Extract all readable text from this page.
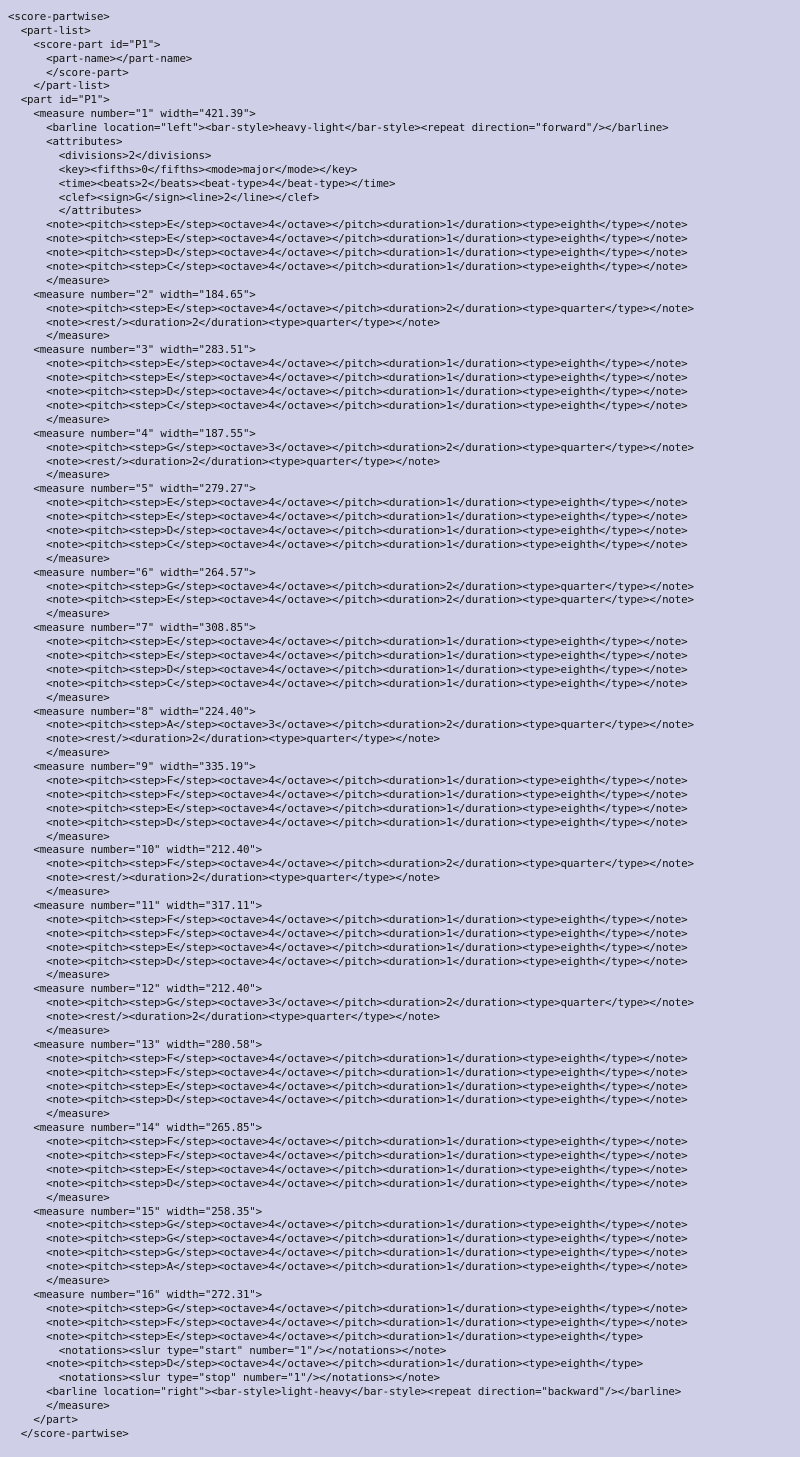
<score-partwise>
<part-list>
<score-part id="P1">
<part-name></part-name>
</score-part>
</part-list>
<part id="P1">
<measure number="1" width="421.39">
<barline location="left"><bar-style>heavy-light</bar-style><repeat direction="forward"/></barline>
<attributes>
<divisions>2</divisions>
<key><fifths>0</fifths><mode>major</mode></key>
<time><beats>2</beats><beat-type>4</beat-type></time>
<clef><sign>G</sign><line>2</line></clef>
</attributes>
<note><pitch><step>E</step><octave>4</octave></pitch><duration>1</duration><type>eighth</type></note>
<note><pitch><step>E</step><octave>4</octave></pitch><duration>1</duration><type>eighth</type></note>
<note><pitch><step>D</step><octave>4</octave></pitch><duration>1</duration><type>eighth</type></note>
<note><pitch><step>C</step><octave>4</octave></pitch><duration>1</duration><type>eighth</type></note>
</measure>
<measure number="2" width="184.65">
<note><pitch><step>E</step><octave>4</octave></pitch><duration>2</duration><type>quarter</type></note>
<note><rest/><duration>2</duration><type>quarter</type></note>
</measure>
<measure number="3" width="283.51">
<note><pitch><step>E</step><octave>4</octave></pitch><duration>1</duration><type>eighth</type></note>
<note><pitch><step>E</step><octave>4</octave></pitch><duration>1</duration><type>eighth</type></note>
<note><pitch><step>D</step><octave>4</octave></pitch><duration>1</duration><type>eighth</type></note>
<note><pitch><step>C</step><octave>4</octave></pitch><duration>1</duration><type>eighth</type></note>
</measure>
<measure number="4" width="187.55">
<note><pitch><step>G</step><octave>3</octave></pitch><duration>2</duration><type>quarter</type></note>
<note><rest/><duration>2</duration><type>quarter</type></note>
</measure>
<measure number="5" width="279.27">
<note><pitch><step>E</step><octave>4</octave></pitch><duration>1</duration><type>eighth</type></note>
<note><pitch><step>E</step><octave>4</octave></pitch><duration>1</duration><type>eighth</type></note>
<note><pitch><step>D</step><octave>4</octave></pitch><duration>1</duration><type>eighth</type></note>
<note><pitch><step>C</step><octave>4</octave></pitch><duration>1</duration><type>eighth</type></note>
</measure>
<measure number="6" width="264.57">
<note><pitch><step>G</step><octave>4</octave></pitch><duration>2</duration><type>quarter</type></note>
<note><pitch><step>E</step><octave>4</octave></pitch><duration>2</duration><type>quarter</type></note>
</measure>
<measure number="7" width="308.85">
<note><pitch><step>E</step><octave>4</octave></pitch><duration>1</duration><type>eighth</type></note>
<note><pitch><step>E</step><octave>4</octave></pitch><duration>1</duration><type>eighth</type></note>
<note><pitch><step>D</step><octave>4</octave></pitch><duration>1</duration><type>eighth</type></note>
<note><pitch><step>C</step><octave>4</octave></pitch><duration>1</duration><type>eighth</type></note>
</measure>
<measure number="8" width="224.40">
<note><pitch><step>A</step><octave>3</octave></pitch><duration>2</duration><type>quarter</type></note>
<note><rest/><duration>2</duration><type>quarter</type></note>
</measure>
<measure number="9" width="335.19">
<note><pitch><step>F</step><octave>4</octave></pitch><duration>1</duration><type>eighth</type></note>
<note><pitch><step>F</step><octave>4</octave></pitch><duration>1</duration><type>eighth</type></note>
<note><pitch><step>E</step><octave>4</octave></pitch><duration>1</duration><type>eighth</type></note>
<note><pitch><step>D</step><octave>4</octave></pitch><duration>1</duration><type>eighth</type></note>
</measure>
<measure number="10" width="212.40">
<note><pitch><step>F</step><octave>4</octave></pitch><duration>2</duration><type>quarter</type></note>
<note><rest/><duration>2</duration><type>quarter</type></note>
</measure>
<measure number="11" width="317.11">
<note><pitch><step>F</step><octave>4</octave></pitch><duration>1</duration><type>eighth</type></note>
<note><pitch><step>F</step><octave>4</octave></pitch><duration>1</duration><type>eighth</type></note>
<note><pitch><step>E</step><octave>4</octave></pitch><duration>1</duration><type>eighth</type></note>
<note><pitch><step>D</step><octave>4</octave></pitch><duration>1</duration><type>eighth</type></note>
</measure>
<measure number="12" width="212.40">
<note><pitch><step>G</step><octave>3</octave></pitch><duration>2</duration><type>quarter</type></note>
<note><rest/><duration>2</duration><type>quarter</type></note>
</measure>
<measure number="13" width="280.58">
<note><pitch><step>F</step><octave>4</octave></pitch><duration>1</duration><type>eighth</type></note>
<note><pitch><step>F</step><octave>4</octave></pitch><duration>1</duration><type>eighth</type></note>
<note><pitch><step>E</step><octave>4</octave></pitch><duration>1</duration><type>eighth</type></note>
<note><pitch><step>D</step><octave>4</octave></pitch><duration>1</duration><type>eighth</type></note>
</measure>
<measure number="14" width="265.85">
<note><pitch><step>F</step><octave>4</octave></pitch><duration>1</duration><type>eighth</type></note>
<note><pitch><step>F</step><octave>4</octave></pitch><duration>1</duration><type>eighth</type></note>
<note><pitch><step>E</step><octave>4</octave></pitch><duration>1</duration><type>eighth</type></note>
<note><pitch><step>D</step><octave>4</octave></pitch><duration>1</duration><type>eighth</type></note>
</measure>
<measure number="15" width="258.35">
<note><pitch><step>G</step><octave>4</octave></pitch><duration>1</duration><type>eighth</type></note>
<note><pitch><step>G</step><octave>4</octave></pitch><duration>1</duration><type>eighth</type></note>
<note><pitch><step>G</step><octave>4</octave></pitch><duration>1</duration><type>eighth</type></note>
<note><pitch><step>A</step><octave>4</octave></pitch><duration>1</duration><type>eighth</type></note>
</measure>
<measure number="16" width="272.31">
<note><pitch><step>G</step><octave>4</octave></pitch><duration>1</duration><type>eighth</type></note>
<note><pitch><step>F</step><octave>4</octave></pitch><duration>1</duration><type>eighth</type></note>
<note><pitch><step>E</step><octave>4</octave></pitch><duration>1</duration><type>eighth</type>
<notations><slur type="start" number="1"/></notations></note>
<note><pitch><step>D</step><octave>4</octave></pitch><duration>1</duration><type>eighth</type>
<notations><slur type="stop" number="1"/></notations></note>
<barline location="right"><bar-style>light-heavy</bar-style><repeat direction="backward"/></barline>
</measure>
</part>
</score-partwise>
